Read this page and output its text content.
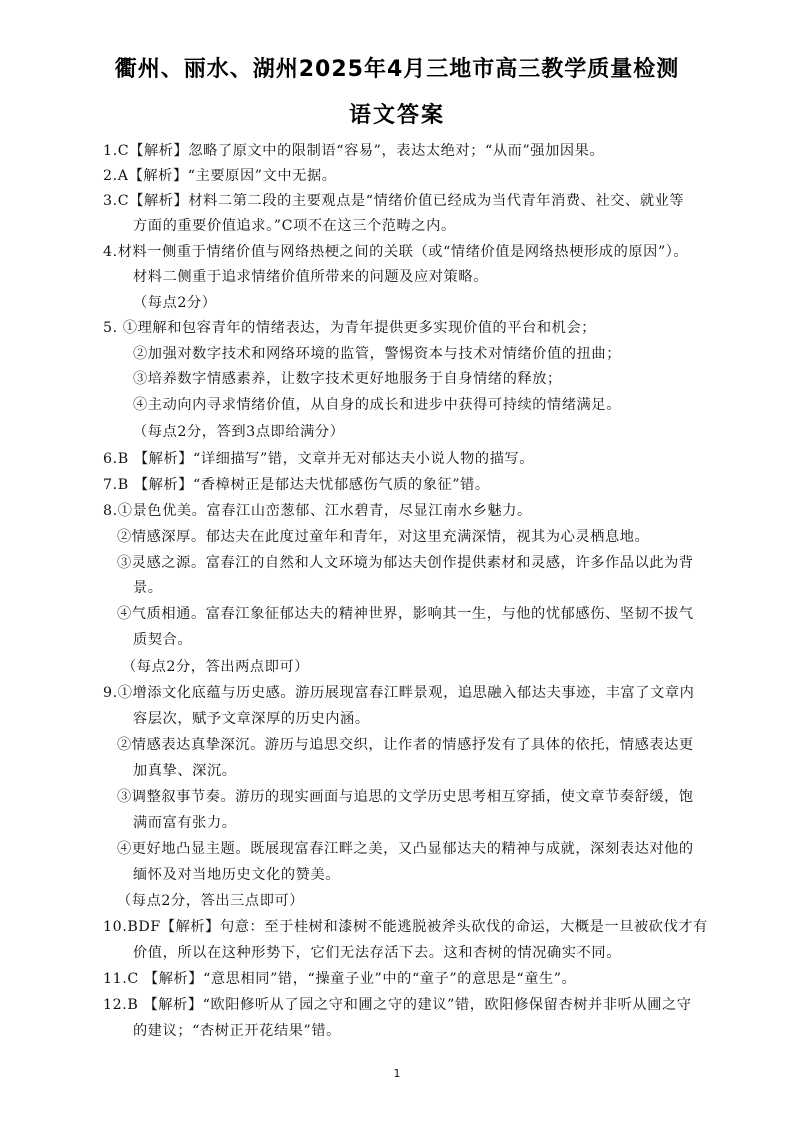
衢州、丽水、湖州2025年4月三地市高三教学质量检测
语文答案
1.C【解析】忽略了原文中的限制语“容易”，表达太绝对；“从而”强加因果。
2.A【解析】“主要原因”文中无据。
3.C【解析】材料二第二段的主要观点是“情绪价值已经成为当代青年消费、社交、就业等
方面的重要价值追求。”C项不在这三个范畴之内。
4.材料一侧重于情绪价值与网络热梗之间的关联（或“情绪价值是网络热梗形成的原因”）。
材料二侧重于追求情绪价值所带来的问题及应对策略。
（每点2分）
5. ①理解和包容青年的情绪表达，为青年提供更多实现价值的平台和机会；
②加强对数字技术和网络环境的监管，警惕资本与技术对情绪价值的扭曲；
③培养数字情感素养，让数字技术更好地服务于自身情绪的释放；
④主动向内寻求情绪价值，从自身的成长和进步中获得可持续的情绪满足。
（每点2分，答到3点即给满分）
6.B 【解析】“详细描写”错，文章并无对郁达夫小说人物的描写。
7.B 【解析】“香樟树正是郁达夫忧郁感伤气质的象征”错。
8.①景色优美。富春江山峦葱郁、江水碧青，尽显江南水乡魅力。
②情感深厚。郁达夫在此度过童年和青年，对这里充满深情，视其为心灵栖息地。
③灵感之源。富春江的自然和人文环境为郁达夫创作提供素材和灵感，许多作品以此为背
景。
④气质相通。富春江象征郁达夫的精神世界，影响其一生，与他的忧郁感伤、坚韧不拔气
质契合。
（每点2分，答出两点即可）
9.①增添文化底蕴与历史感。游历展现富春江畔景观，追思融入郁达夫事迹，丰富了文章内
容层次，赋予文章深厚的历史内涵。
②情感表达真挚深沉。游历与追思交织，让作者的情感抒发有了具体的依托，情感表达更
加真挚、深沉。
③调整叙事节奏。游历的现实画面与追思的文学历史思考相互穿插，使文章节奏舒缓，饱
满而富有张力。
④更好地凸显主题。既展现富春江畔之美，又凸显郁达夫的精神与成就，深刻表达对他的
缅怀及对当地历史文化的赞美。
（每点2分，答出三点即可）
10.BDF【解析】句意：至于桂树和漆树不能逃脱被斧头砍伐的命运，大概是一旦被砍伐才有
价值，所以在这种形势下，它们无法存活下去。这和杏树的情况确实不同。
11.C 【解析】“意思相同”错，“操童子业”中的“童子”的意思是“童生”。
12.B 【解析】“欧阳修听从了园之守和圃之守的建议”错，欧阳修保留杏树并非听从圃之守
的建议；“杏树正开花结果”错。
1
